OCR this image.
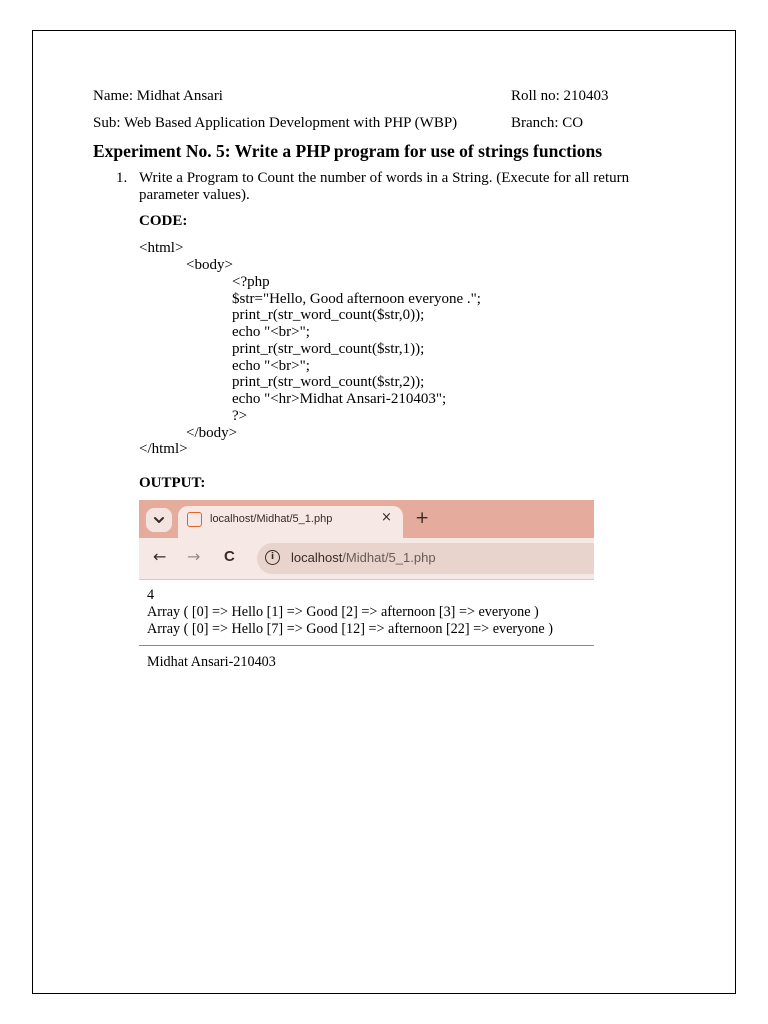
Name: Midhat Ansari	Roll no: 210403
Sub: Web Based Application Development with PHP (WBP)	Branch: CO
Experiment No. 5: Write a PHP program for use of strings functions
1. Write a Program to Count the number of words in a String. (Execute for all return
parameter values).
CODE:
<html>
<body>
<?php
$str="Hello, Good afternoon everyone .";
print_r(str_word_count($str,0));
echo "<br>";
print_r(str_word_count($str,1));
echo "<br>";
print_r(str_word_count($str,2));
echo "<hr>Midhat Ansari-210403";
?>
</body>
</html>
OUTPUT:
localhost/Midhat/5_1.php	× +
← → C	i	localhost/Midhat/5_1.php
4
Array ( [0] => Hello [1] => Good [2] => afternoon [3] => everyone )
Array ( [0] => Hello [7] => Good [12] => afternoon [22] => everyone )
Midhat Ansari-210403
